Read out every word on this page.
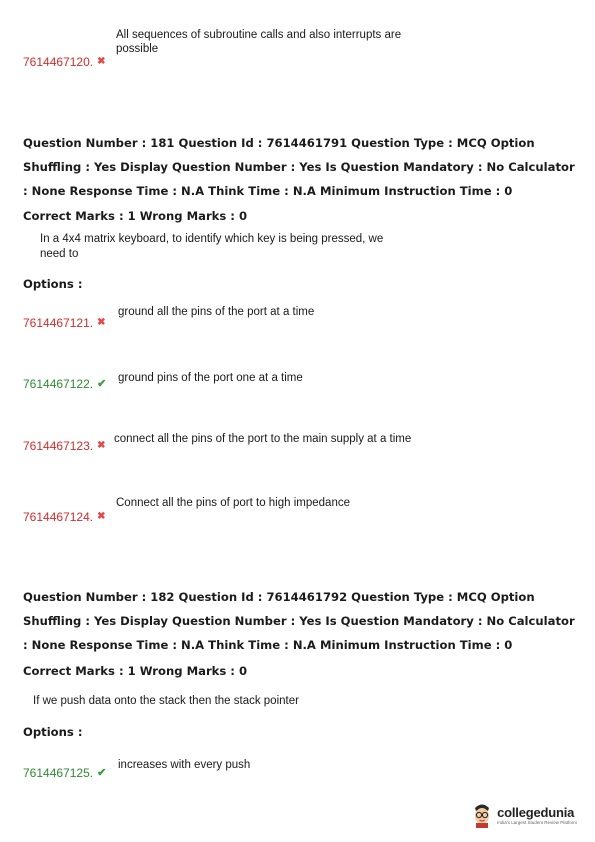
All sequences of subroutine calls and also interrupts are possible
7614467120. ✖
Question Number : 181 Question Id : 7614461791 Question Type : MCQ Option Shuffling : Yes Display Question Number : Yes Is Question Mandatory : No Calculator : None Response Time : N.A Think Time : N.A Minimum Instruction Time : 0
Correct Marks : 1 Wrong Marks : 0
In a 4x4 matrix keyboard, to identify which key is being pressed, we need to
Options :
ground all the pins of the port at a time
7614467121. ✖
ground pins of the port one at a time
7614467122. ✔
connect all the pins of the port to the main supply at a time
7614467123. ✖
Connect all the pins of port to high impedance
7614467124. ✖
Question Number : 182 Question Id : 7614461792 Question Type : MCQ Option Shuffling : Yes Display Question Number : Yes Is Question Mandatory : No Calculator : None Response Time : N.A Think Time : N.A Minimum Instruction Time : 0
Correct Marks : 1 Wrong Marks : 0
If we push data onto the stack then the stack pointer
Options :
increases with every push
7614467125. ✔
collegedunia
India's Largest Student Review Platform
